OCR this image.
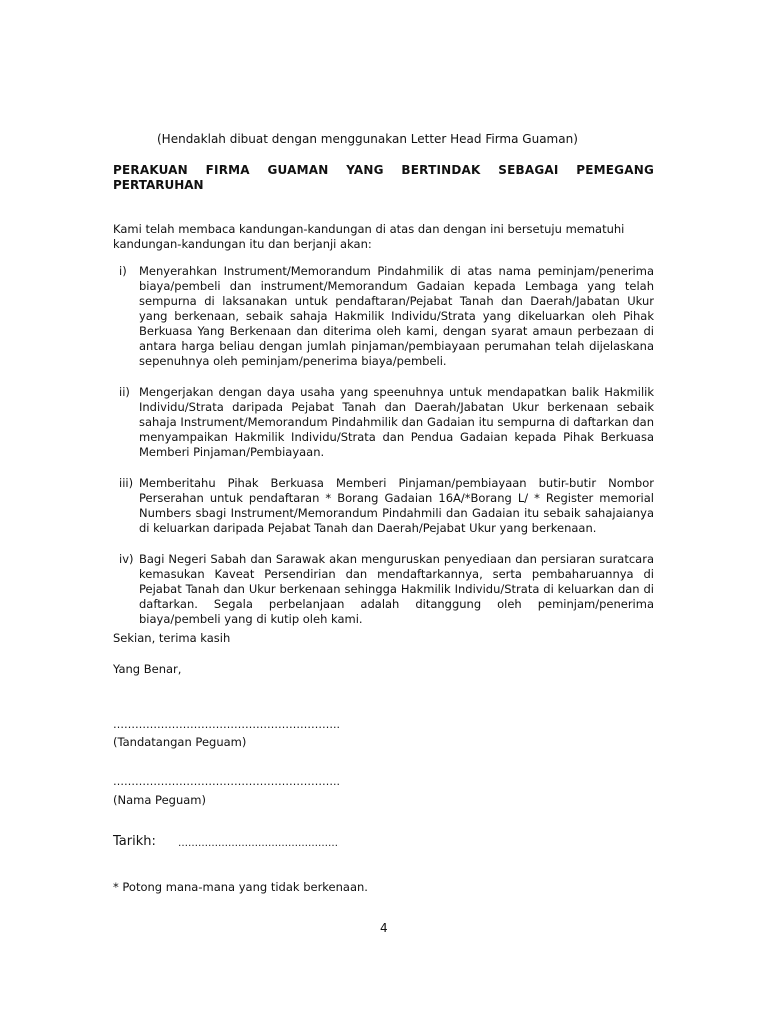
(Hendaklah dibuat dengan menggunakan Letter Head Firma Guaman)
PERAKUAN FIRMA GUAMAN YANG BERTINDAK SEBAGAI PEMEGANG
PERTARUHAN
Kami telah membaca kandungan-kandungan di atas dan dengan ini bersetuju mematuhi kandungan-kandungan itu dan berjanji akan:
i) Menyerahkan Instrument/Memorandum Pindahmilik di atas nama peminjam/penerima biaya/pembeli dan instrument/Memorandum Gadaian kepada Lembaga yang telah sempurna di laksanakan untuk pendaftaran/Pejabat Tanah dan Daerah/Jabatan Ukur yang berkenaan, sebaik sahaja Hakmilik Individu/Strata yang dikeluarkan oleh Pihak Berkuasa Yang Berkenaan dan diterima oleh kami, dengan syarat amaun perbezaan di antara harga beliau dengan jumlah pinjaman/pembiayaan perumahan telah dijelaskana sepenuhnya oleh peminjam/penerima biaya/pembeli.
ii) Mengerjakan dengan daya usaha yang speenuhnya untuk mendapatkan balik Hakmilik Individu/Strata daripada Pejabat Tanah dan Daerah/Jabatan Ukur berkenaan sebaik sahaja Instrument/Memorandum Pindahmilik dan Gadaian itu sempurna di daftarkan dan menyampaikan Hakmilik Individu/Strata dan Pendua Gadaian kepada Pihak Berkuasa Memberi Pinjaman/Pembiayaan.
iii) Memberitahu Pihak Berkuasa Memberi Pinjaman/pembiayaan butir-butir Nombor Perserahan untuk pendaftaran * Borang Gadaian 16A/*Borang L/ * Register memorial Numbers sbagi Instrument/Memorandum Pindahmili dan Gadaian itu sebaik sahajaianya di keluarkan daripada Pejabat Tanah dan Daerah/Pejabat Ukur yang berkenaan.
iv) Bagi Negeri Sabah dan Sarawak akan menguruskan penyediaan dan persiaran suratcara kemasukan Kaveat Persendirian dan mendaftarkannya, serta pembaharuannya di Pejabat Tanah dan Ukur berkenaan sehingga Hakmilik Individu/Strata di keluarkan dan di daftarkan. Segala perbelanjaan adalah ditanggung oleh peminjam/penerima biaya/pembeli yang di kutip oleh kami.
Sekian, terima kasih
Yang Benar,
……………………………………………………..
(Tandatangan Peguam)
……………………………………………………..
(Nama Peguam)
Tarikh: …………………………………………
* Potong mana-mana yang tidak berkenaan.
4
